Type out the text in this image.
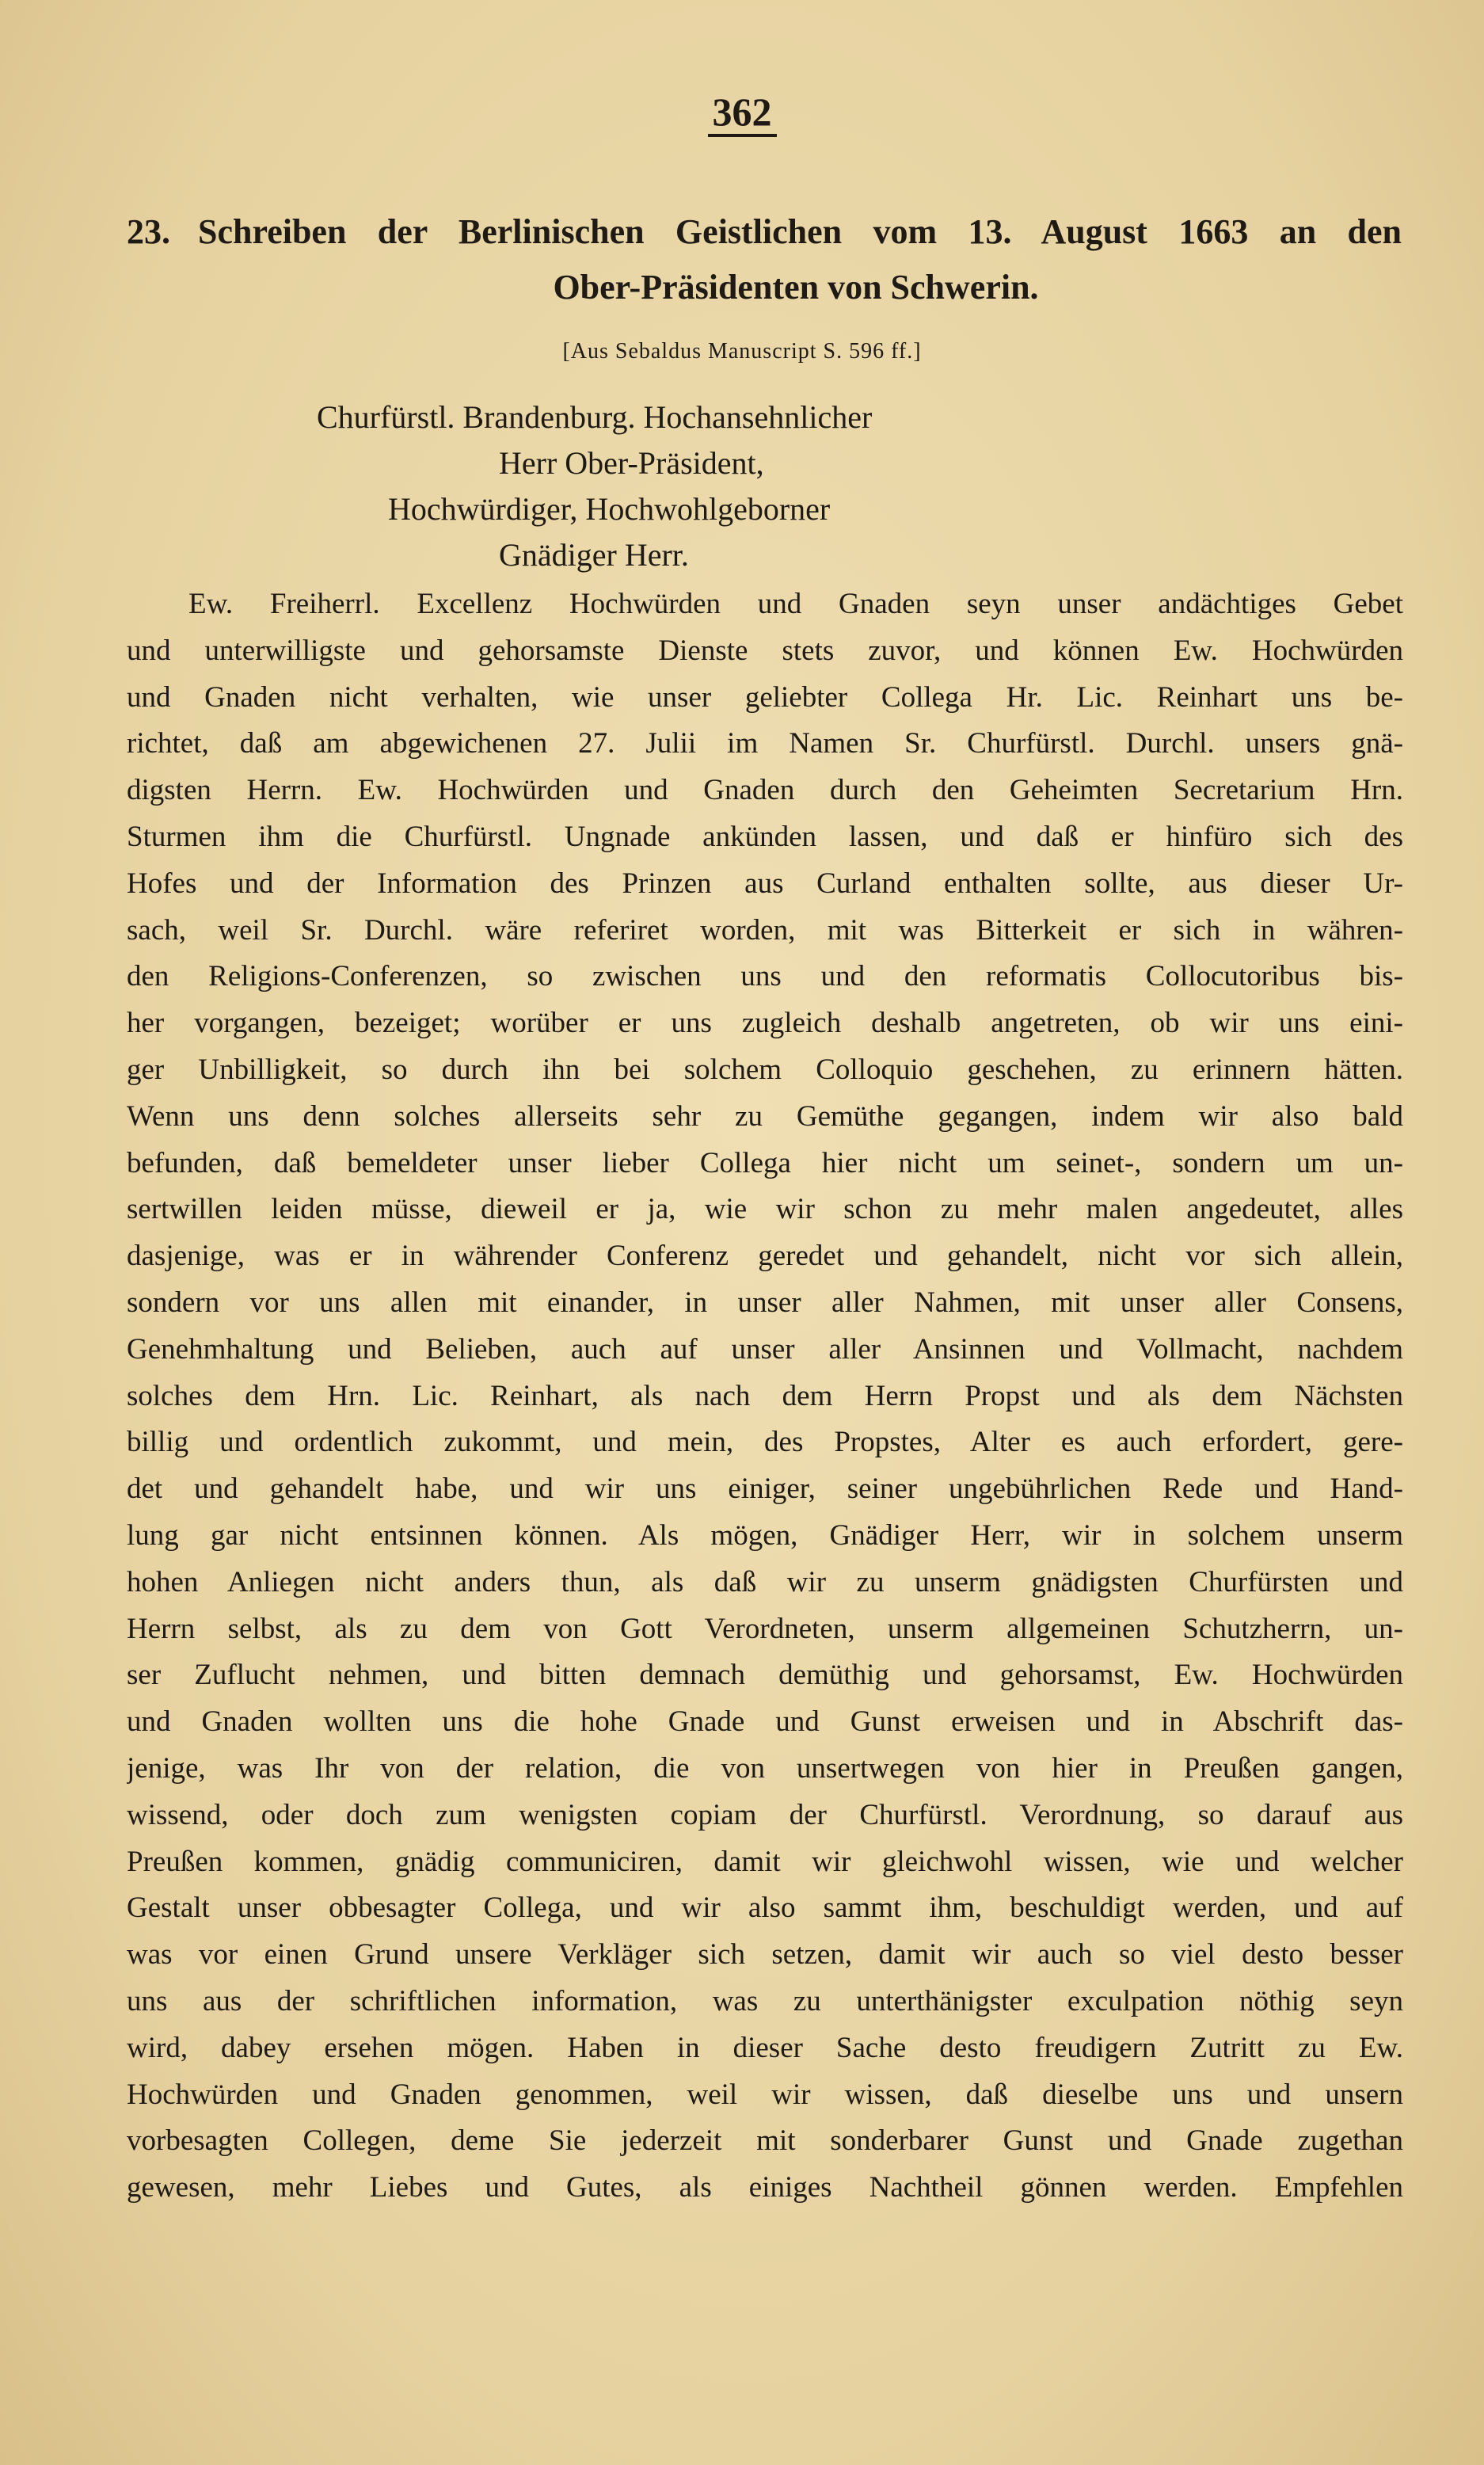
362
23. Schreiben der Berlinischen Geistlichen vom 13. August 1663 an den
Ober-Präsidenten von Schwerin.
[Aus Sebaldus Manuscript S. 596 ff.]
Churfürstl. Brandenburg. Hochansehnlicher
Herr Ober-Präsident,
Hochwürdiger, Hochwohlgeborner
Gnädiger Herr.
Ew. Freiherrl. Excellenz Hochwürden und Gnaden seyn unser andächtiges Gebet
und unterwilligste und gehorsamste Dienste stets zuvor, und können Ew. Hochwürden
und Gnaden nicht verhalten, wie unser geliebter Collega Hr. Lic. Reinhart uns be-
richtet, daß am abgewichenen 27. Julii im Namen Sr. Churfürstl. Durchl. unsers gnä-
digsten Herrn. Ew. Hochwürden und Gnaden durch den Geheimten Secretarium Hrn.
Sturmen ihm die Churfürstl. Ungnade ankünden lassen, und daß er hinfüro sich des
Hofes und der Information des Prinzen aus Curland enthalten sollte, aus dieser Ur-
sach, weil Sr. Durchl. wäre referiret worden, mit was Bitterkeit er sich in währen-
den Religions-Conferenzen, so zwischen uns und den reformatis Collocutoribus bis-
her vorgangen, bezeiget; worüber er uns zugleich deshalb angetreten, ob wir uns eini-
ger Unbilligkeit, so durch ihn bei solchem Colloquio geschehen, zu erinnern hätten.
Wenn uns denn solches allerseits sehr zu Gemüthe gegangen, indem wir also bald
befunden, daß bemeldeter unser lieber Collega hier nicht um seinet-, sondern um un-
sertwillen leiden müsse, dieweil er ja, wie wir schon zu mehr malen angedeutet, alles
dasjenige, was er in währender Conferenz geredet und gehandelt, nicht vor sich allein,
sondern vor uns allen mit einander, in unser aller Nahmen, mit unser aller Consens,
Genehmhaltung und Belieben, auch auf unser aller Ansinnen und Vollmacht, nachdem
solches dem Hrn. Lic. Reinhart, als nach dem Herrn Propst und als dem Nächsten
billig und ordentlich zukommt, und mein, des Propstes, Alter es auch erfordert, gere-
det und gehandelt habe, und wir uns einiger, seiner ungebührlichen Rede und Hand-
lung gar nicht entsinnen können. Als mögen, Gnädiger Herr, wir in solchem unserm
hohen Anliegen nicht anders thun, als daß wir zu unserm gnädigsten Churfürsten und
Herrn selbst, als zu dem von Gott Verordneten, unserm allgemeinen Schutzherrn, un-
ser Zuflucht nehmen, und bitten demnach demüthig und gehorsamst, Ew. Hochwürden
und Gnaden wollten uns die hohe Gnade und Gunst erweisen und in Abschrift das-
jenige, was Ihr von der relation, die von unsertwegen von hier in Preußen gangen,
wissend, oder doch zum wenigsten copiam der Churfürstl. Verordnung, so darauf aus
Preußen kommen, gnädig communiciren, damit wir gleichwohl wissen, wie und welcher
Gestalt unser obbesagter Collega, und wir also sammt ihm, beschuldigt werden, und auf
was vor einen Grund unsere Verkläger sich setzen, damit wir auch so viel desto besser
uns aus der schriftlichen information, was zu unterthänigster exculpation nöthig seyn
wird, dabey ersehen mögen. Haben in dieser Sache desto freudigern Zutritt zu Ew.
Hochwürden und Gnaden genommen, weil wir wissen, daß dieselbe uns und unsern
vorbesagten Collegen, deme Sie jederzeit mit sonderbarer Gunst und Gnade zugethan
gewesen, mehr Liebes und Gutes, als einiges Nachtheil gönnen werden. Empfehlen
